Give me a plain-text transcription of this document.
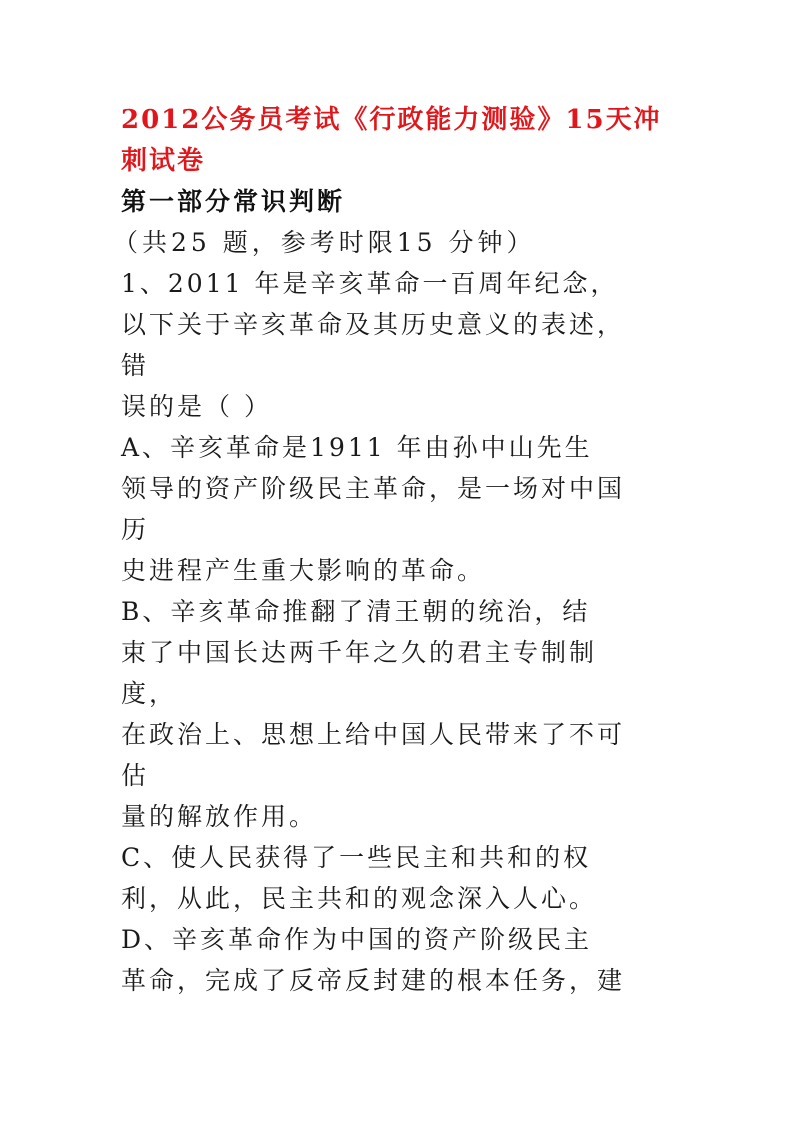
2012公务员考试《行政能力测验》15天冲
刺试卷
第一部分常识判断

（共25 题，参考时限15 分钟）

1、2011 年是辛亥革命一百周年纪念，

以下关于辛亥革命及其历史意义的表述，

错

误的是（ ）

A、辛亥革命是1911 年由孙中山先生

领导的资产阶级民主革命，是一场对中国

历

史进程产生重大影响的革命。

B、辛亥革命推翻了清王朝的统治，结

束了中国长达两千年之久的君主专制制

度，

在政治上、思想上给中国人民带来了不可

估

量的解放作用。

C、使人民获得了一些民主和共和的权

利，从此，民主共和的观念深入人心。

D、辛亥革命作为中国的资产阶级民主

革命，完成了反帝反封建的根本任务，建
